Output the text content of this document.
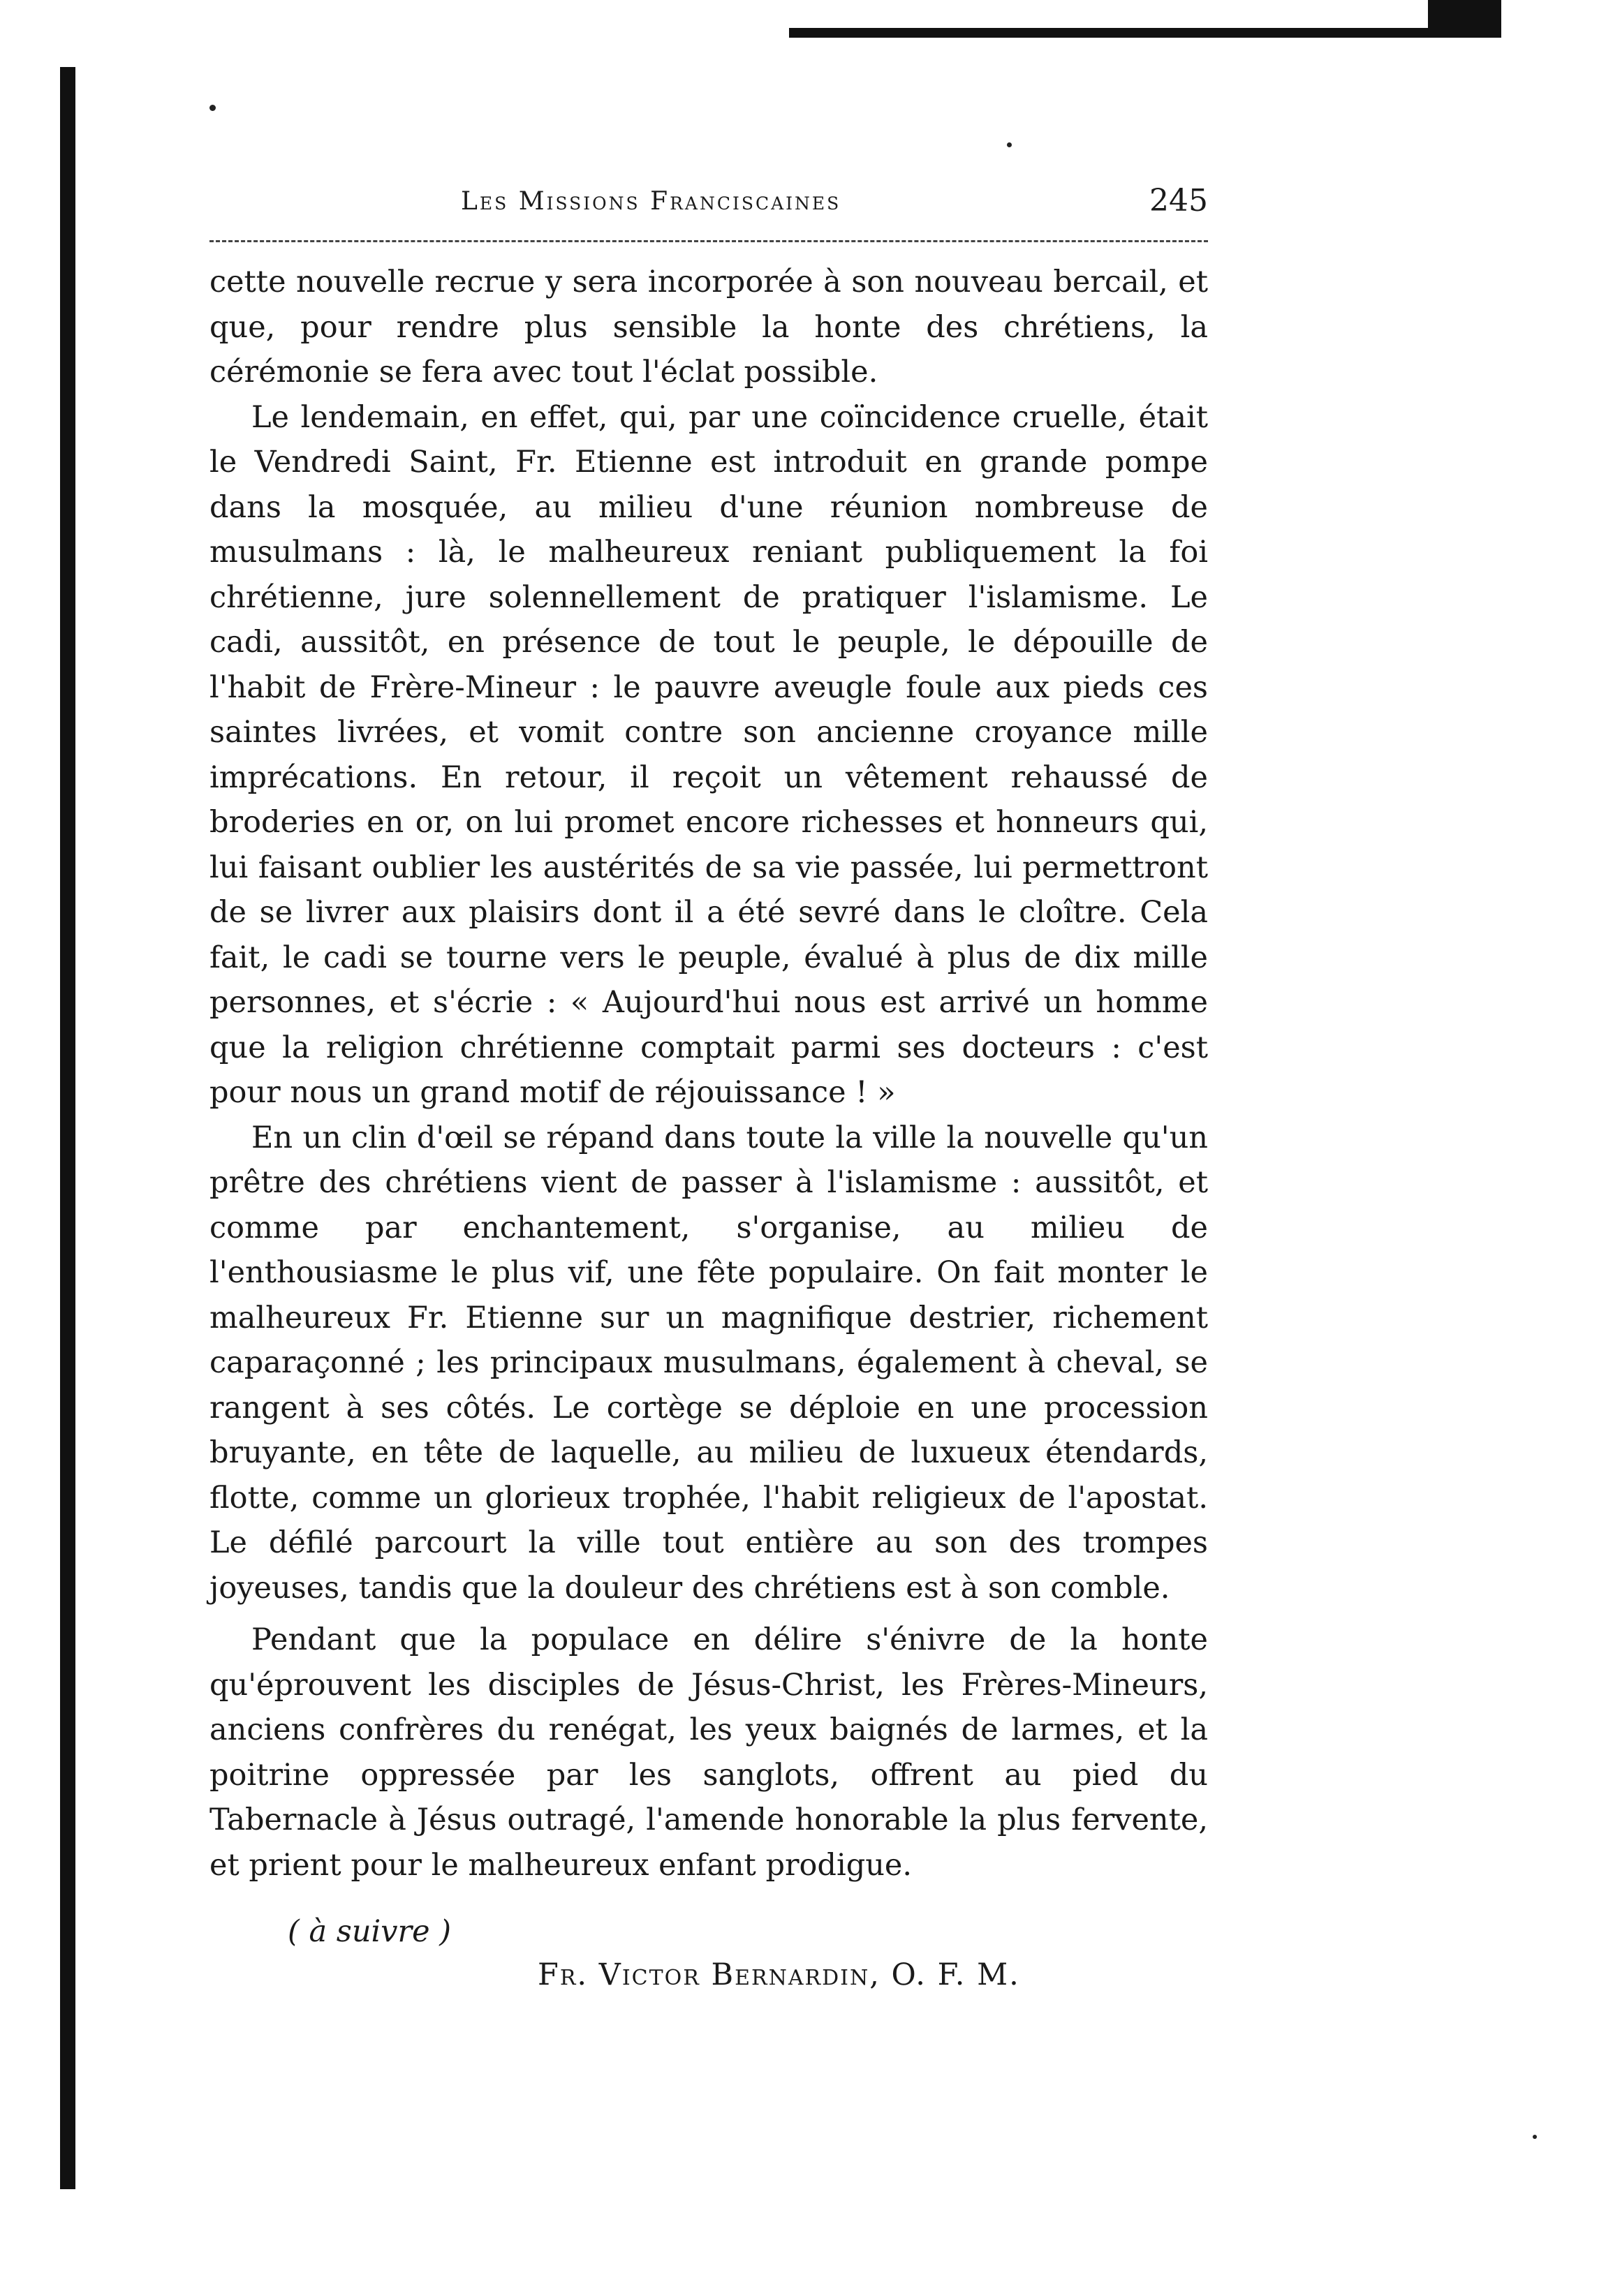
Les Missions Franciscaines	245

cette nouvelle recrue y sera incorporée à son nouveau bercail, et que, pour rendre plus sensible la honte des chrétiens, la cérémonie se fera avec tout l'éclat possible.

Le lendemain, en effet, qui, par une coïncidence cruelle, était le Vendredi Saint, Fr. Etienne est introduit en grande pompe dans la mosquée, au milieu d'une réunion nombreuse de musulmans : là, le malheureux reniant publiquement la foi chrétienne, jure solennellement de pratiquer l'islamisme. Le cadi, aussitôt, en présence de tout le peuple, le dépouille de l'habit de Frère-Mineur : le pauvre aveugle foule aux pieds ces saintes livrées, et vomit contre son ancienne croyance mille imprécations. En retour, il reçoit un vêtement rehaussé de broderies en or, on lui promet encore richesses et honneurs qui, lui faisant oublier les austérités de sa vie passée, lui permettront de se livrer aux plaisirs dont il a été sevré dans le cloître. Cela fait, le cadi se tourne vers le peuple, évalué à plus de dix mille personnes, et s'écrie : « Aujourd'hui nous est arrivé un homme que la religion chrétienne comptait parmi ses docteurs : c'est pour nous un grand motif de réjouissance ! »

En un clin d'œil se répand dans toute la ville la nouvelle qu'un prêtre des chrétiens vient de passer à l'islamisme : aussitôt, et comme par enchantement, s'organise, au milieu de l'enthousiasme le plus vif, une fête populaire. On fait monter le malheureux Fr. Etienne sur un magnifique destrier, richement caparaçonné ; les principaux musulmans, également à cheval, se rangent à ses côtés. Le cortège se déploie en une procession bruyante, en tête de laquelle, au milieu de luxueux étendards, flotte, comme un glorieux trophée, l'habit religieux de l'apostat. Le défilé parcourt la ville tout entière au son des trompes joyeuses, tandis que la douleur des chrétiens est à son comble.

Pendant que la populace en délire s'énivre de la honte qu'éprouvent les disciples de Jésus-Christ, les Frères-Mineurs, anciens confrères du renégat, les yeux baignés de larmes, et la poitrine oppressée par les sanglots, offrent au pied du Tabernacle à Jésus outragé, l'amende honorable la plus fervente, et prient pour le malheureux enfant prodigue.

( à suivre )
Fr. Victor Bernardin, O. F. M.
